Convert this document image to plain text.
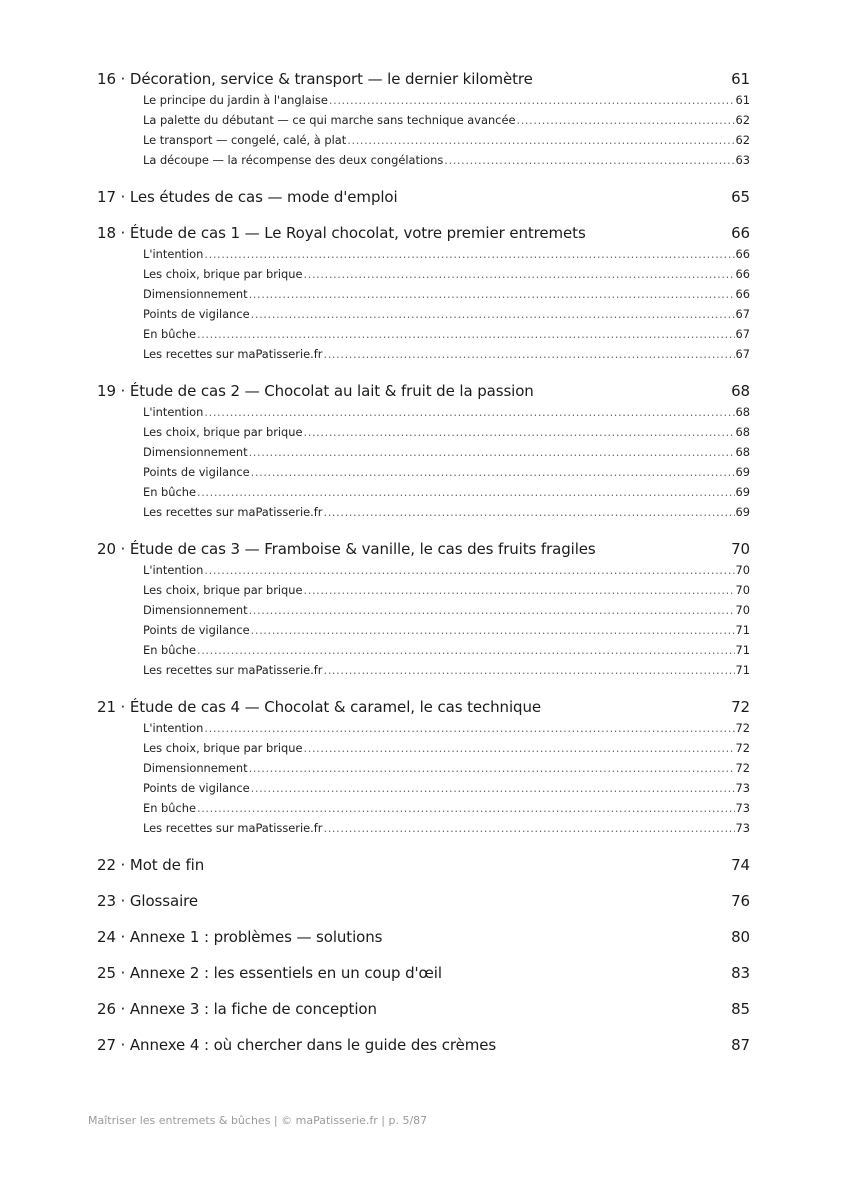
16 · Décoration, service & transport — le dernier kilomètre	61
Le principe du jardin à l'anglaise .....	61
La palette du débutant — ce qui marche sans technique avancée .....	62
Le transport — congelé, calé, à plat .....	62
La découpe — la récompense des deux congélations .....	63
17 · Les études de cas — mode d'emploi	65
18 · Étude de cas 1 — Le Royal chocolat, votre premier entremets	66
L'intention .....	66
Les choix, brique par brique .....	66
Dimensionnement .....	66
Points de vigilance .....	67
En bûche .....	67
Les recettes sur maPatisserie.fr .....	67
19 · Étude de cas 2 — Chocolat au lait & fruit de la passion	68
L'intention .....	68
Les choix, brique par brique .....	68
Dimensionnement .....	68
Points de vigilance .....	69
En bûche .....	69
Les recettes sur maPatisserie.fr .....	69
20 · Étude de cas 3 — Framboise & vanille, le cas des fruits fragiles	70
L'intention .....	70
Les choix, brique par brique .....	70
Dimensionnement .....	70
Points de vigilance .....	71
En bûche .....	71
Les recettes sur maPatisserie.fr .....	71
21 · Étude de cas 4 — Chocolat & caramel, le cas technique	72
L'intention .....	72
Les choix, brique par brique .....	72
Dimensionnement .....	72
Points de vigilance .....	73
En bûche .....	73
Les recettes sur maPatisserie.fr .....	73
22 · Mot de fin	74
23 · Glossaire	76
24 · Annexe 1 : problèmes — solutions	80
25 · Annexe 2 : les essentiels en un coup d'œil	83
26 · Annexe 3 : la fiche de conception	85
27 · Annexe 4 : où chercher dans le guide des crèmes	87
Maîtriser les entremets & bûches | © maPatisserie.fr | p. 5/87
